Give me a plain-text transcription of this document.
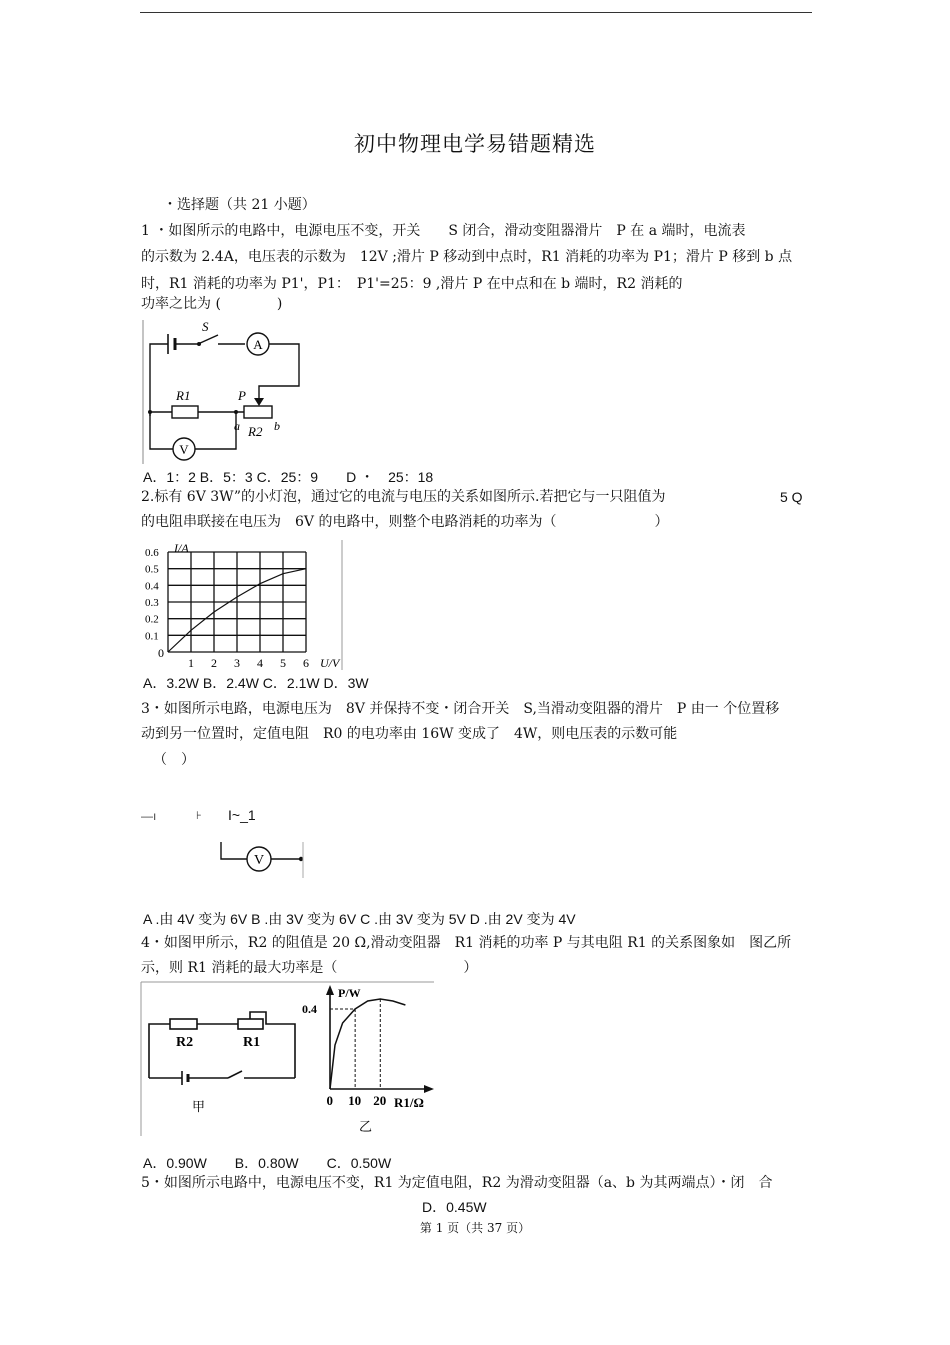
初中物理电学易错题精选
・选择题（共 21 小题）
1 ・如图所示的电路中，电源电压不变，开关　　S 闭合，滑动变阻器滑片　P 在 a 端时，电流表
的示数为 2.4A，电压表的示数为　12V ;滑片 P 移动到中点时，R1 消耗的功率为 P1；滑片 P 移到 b 点
时，R1 消耗的功率为 P1'，P1：　P1'=25：9 ,滑片 P 在中点和在 b 端时，R2 消耗的
功率之比为 (　　　　)
S
A
R1	P
a R2 b
V
A．1：2 B．5：3 C．25：9　　D ・　25：18
2.标有 6V 3W”的小灯泡，通过它的电流与电压的关系如图所示.若把它与一只阻值为	5 Q
的电阻串联接在电压为　6V 的电路中，则整个电路消耗的功率为（　　　　　　　）
1 2 3 4 5 6
0.1
0.2
0.3
0.4
0.5
0.6 I/A
U/V
0
A．3.2W B．2.4W C．2.1W D．3W
3・如图所示电路，电源电压为　8V 并保持不变・闭合开关　S,当滑动变阻器的滑片　P 由一 个位置移
动到另一位置时，定值电阻　R0 的电功率由 16W 变成了　4W，则电压表的示数可能
（　）
—ı	⊦ I~_1
V
A .由 4V 变为 6V B .由 3V 变为 6V C .由 3V 变为 5V D .由 2V 变为 4V
4・如图甲所示，R2 的阻值是 20 Ω,滑动变阻器　R1 消耗的功率 P 与其电阻 R1 的关系图象如　图乙所
示，则 R1 消耗的最大功率是（　　　　　　　　　）
R2	R1
甲
P/W
R1/Ω
0 10 20
0.4
乙
A．0.90W　　B．0.80W　　C．0.50W
5・如图所示电路中，电源电压不变，R1 为定值电阻，R2 为滑动变阻器（a、b 为其两端点）・闭　合
D．0.45W
第 1 页（共 37 页）
